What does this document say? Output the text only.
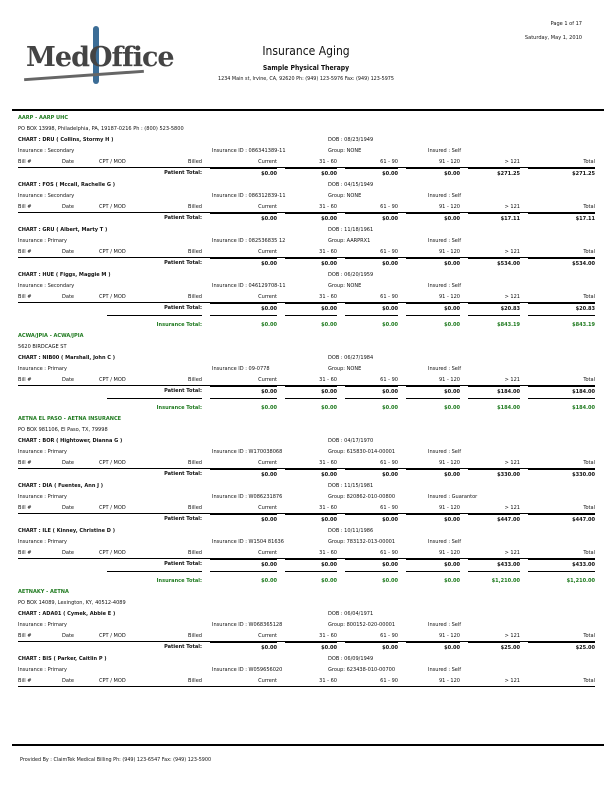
MedOffice
Page 1 of 17
Saturday, May 1, 2010
Insurance Aging
Sample Physical Therapy
1234 Main st, Irvine, CA, 92620 Ph: (949) 123-5976 Fax: (949) 123-5975
AARP - AARP UHC
PO BOX 13998, Philadelphia, PA, 19187-0216 Ph : (800) 523-5800
CHART : DRU ( Collins, Stormy H )	DOB : 08/23/1949
Insurance : Secondary	Insurance ID : 086341389-11	Group: NONE	Insured : Self
Bill #	Date	CPT / MOD	Billed	Current	31 - 60	61 - 90	91 - 120	> 121	Total
Patient Total:	$0.00	$0.00	$0.00	$0.00	$271.25	$271.25
CHART : FOS ( Mccall, Rachelle G )	DOB : 04/15/1949
Insurance : Secondary	Insurance ID : 086312839-11	Group: NONE	Insured : Self
Bill #	Date	CPT / MOD	Billed	Current	31 - 60	61 - 90	91 - 120	> 121	Total
Patient Total:	$0.00	$0.00	$0.00	$0.00	$17.11	$17.11
CHART : GRU ( Albert, Marty T )	DOB : 11/18/1961
Insurance : Primary	Insurance ID : 082536835 12	Group: AARPRX1	Insured : Self
Bill #	Date	CPT / MOD	Billed	Current	31 - 60	61 - 90	91 - 120	> 121	Total
Patient Total:	$0.00	$0.00	$0.00	$0.00	$534.00	$534.00
CHART : HUE ( Figgs, Maggie M )	DOB : 06/20/1959
Insurance : Secondary	Insurance ID : 046129708-11	Group: NONE	Insured : Self
Bill #	Date	CPT / MOD	Billed	Current	31 - 60	61 - 90	91 - 120	> 121	Total
Patient Total:	$0.00	$0.00	$0.00	$0.00	$20.83	$20.83
Insurance Total:	$0.00	$0.00	$0.00	$0.00	$843.19	$843.19
ACWA/JPIA - ACWA/JPIA
5620 BIRDCAGE ST
CHART : NIB00 ( Marshall, John C )	DOB : 06/27/1984
Insurance : Primary	Insurance ID : 09-0778	Group: NONE	Insured : Self
Bill #	Date	CPT / MOD	Billed	Current	31 - 60	61 - 90	91 - 120	> 121	Total
Patient Total:	$0.00	$0.00	$0.00	$0.00	$184.00	$184.00
Insurance Total:	$0.00	$0.00	$0.00	$0.00	$184.00	$184.00
AETNA EL PASO - AETNA INSURANCE
PO BOX 981106, El Paso, TX, 79998
CHART : BOR ( Hightower, Dianna G )	DOB : 04/17/1970
Insurance : Primary	Insurance ID : W170038068	Group: 615830-014-00001	Insured : Self
Bill #	Date	CPT / MOD	Billed	Current	31 - 60	61 - 90	91 - 120	> 121	Total
Patient Total:	$0.00	$0.00	$0.00	$0.00	$330.00	$330.00
CHART : DIA ( Fuentes, Ann J )	DOB : 11/15/1981
Insurance : Primary	Insurance ID : W086231876	Group: 820862-010-00800	Insured : Guarantor
Bill #	Date	CPT / MOD	Billed	Current	31 - 60	61 - 90	91 - 120	> 121	Total
Patient Total:	$0.00	$0.00	$0.00	$0.00	$447.00	$447.00
CHART : ILE ( Kinney, Christine D )	DOB : 10/11/1986
Insurance : Primary	Insurance ID : W1504 81636	Group: 783132-013-00001	Insured : Self
Bill #	Date	CPT / MOD	Billed	Current	31 - 60	61 - 90	91 - 120	> 121	Total
Patient Total:	$0.00	$0.00	$0.00	$0.00	$433.00	$433.00
Insurance Total:	$0.00	$0.00	$0.00	$0.00	$1,210.00	$1,210.00
AETNAKY - AETNA
PO BOX 14089, Lexington, KY, 40512-4089
CHART : ADA01 ( Cymek, Abbie E )	DOB : 06/04/1971
Insurance : Primary	Insurance ID : W068365128	Group: 800152-020-00001	Insured : Self
Bill #	Date	CPT / MOD	Billed	Current	31 - 60	61 - 90	91 - 120	> 121	Total
Patient Total:	$0.00	$0.00	$0.00	$0.00	$25.00	$25.00
CHART : BIS ( Parker, Caitlin P )	DOB : 06/09/1949
Insurance : Primary	Insurance ID : W059656020	Group: 623438-010-00700	Insured : Self
Bill #	Date	CPT / MOD	Billed	Current	31 - 60	61 - 90	91 - 120	> 121	Total
Provided By : ClaimTek Medical Billing Ph: (949) 123-6547 Fax: (949) 123-5900
